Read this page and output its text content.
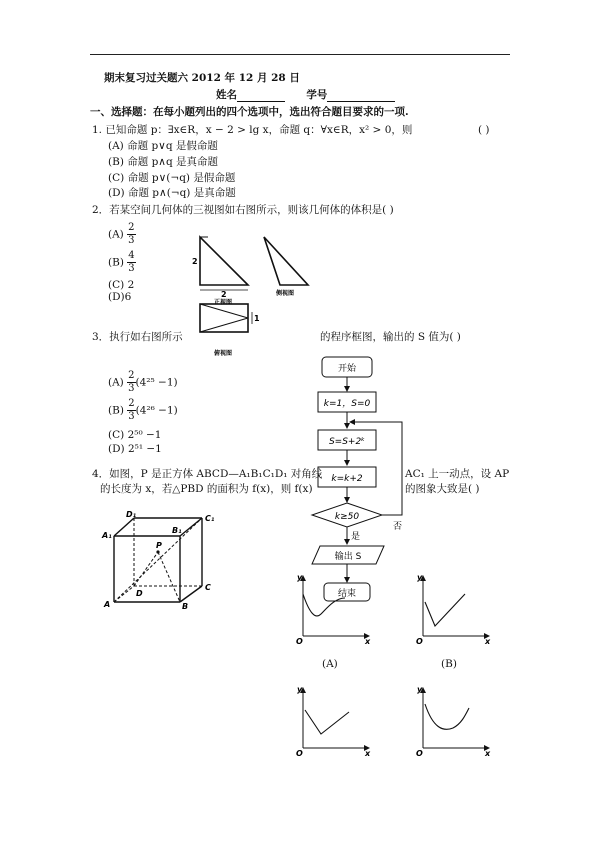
期末复习过关题六 2012 年 12 月 28 日
姓名	学号
一、选择题：在每小题列出的四个选项中，选出符合题目要求的一项.
1. 已知命题 p：∃x∈R，x − 2 > lg x，命题 q：∀x∈R，x² > 0，则	( )
(A) 命题 p∨q 是假命题
(B) 命题 p∧q 是真命题
(C) 命题 p∨(¬q) 是假命题
(D) 命题 p∧(¬q) 是真命题
2．若某空间几何体的三视图如右图所示，则该几何体的体积是( )
$(A) \frac{2}{3}$
$(B) \frac{4}{3}$
(C) 2
(D)6
2
2
正视图
侧视图
1
俯视图
3．执行如右图所示	的程序框图，输出的 S 值为( )
$(A) \frac{2}{3} (4^{25} -1)$
$(B) \frac{2}{3} (4^{26} -1)$
(C) 2⁵⁰ −1
(D) 2⁵¹ −1
开始
k=1，S=0
S=S+2ᵏ
k=k+2
k≥50
否
是
输出 S
结束
4．如图，P 是正方体 ABCD—A₁B₁C₁D₁ 对角线
的长度为 x，若△PBD 的面积为 f(x)，则 f(x)
AC₁ 上一动点，设 AP
的图象大致是( )
A	B
C
D
A₁
B₁
C₁
D₁
P
y
x
O
(A)
y
x
O
(B)
y
x
O
y
x
O
